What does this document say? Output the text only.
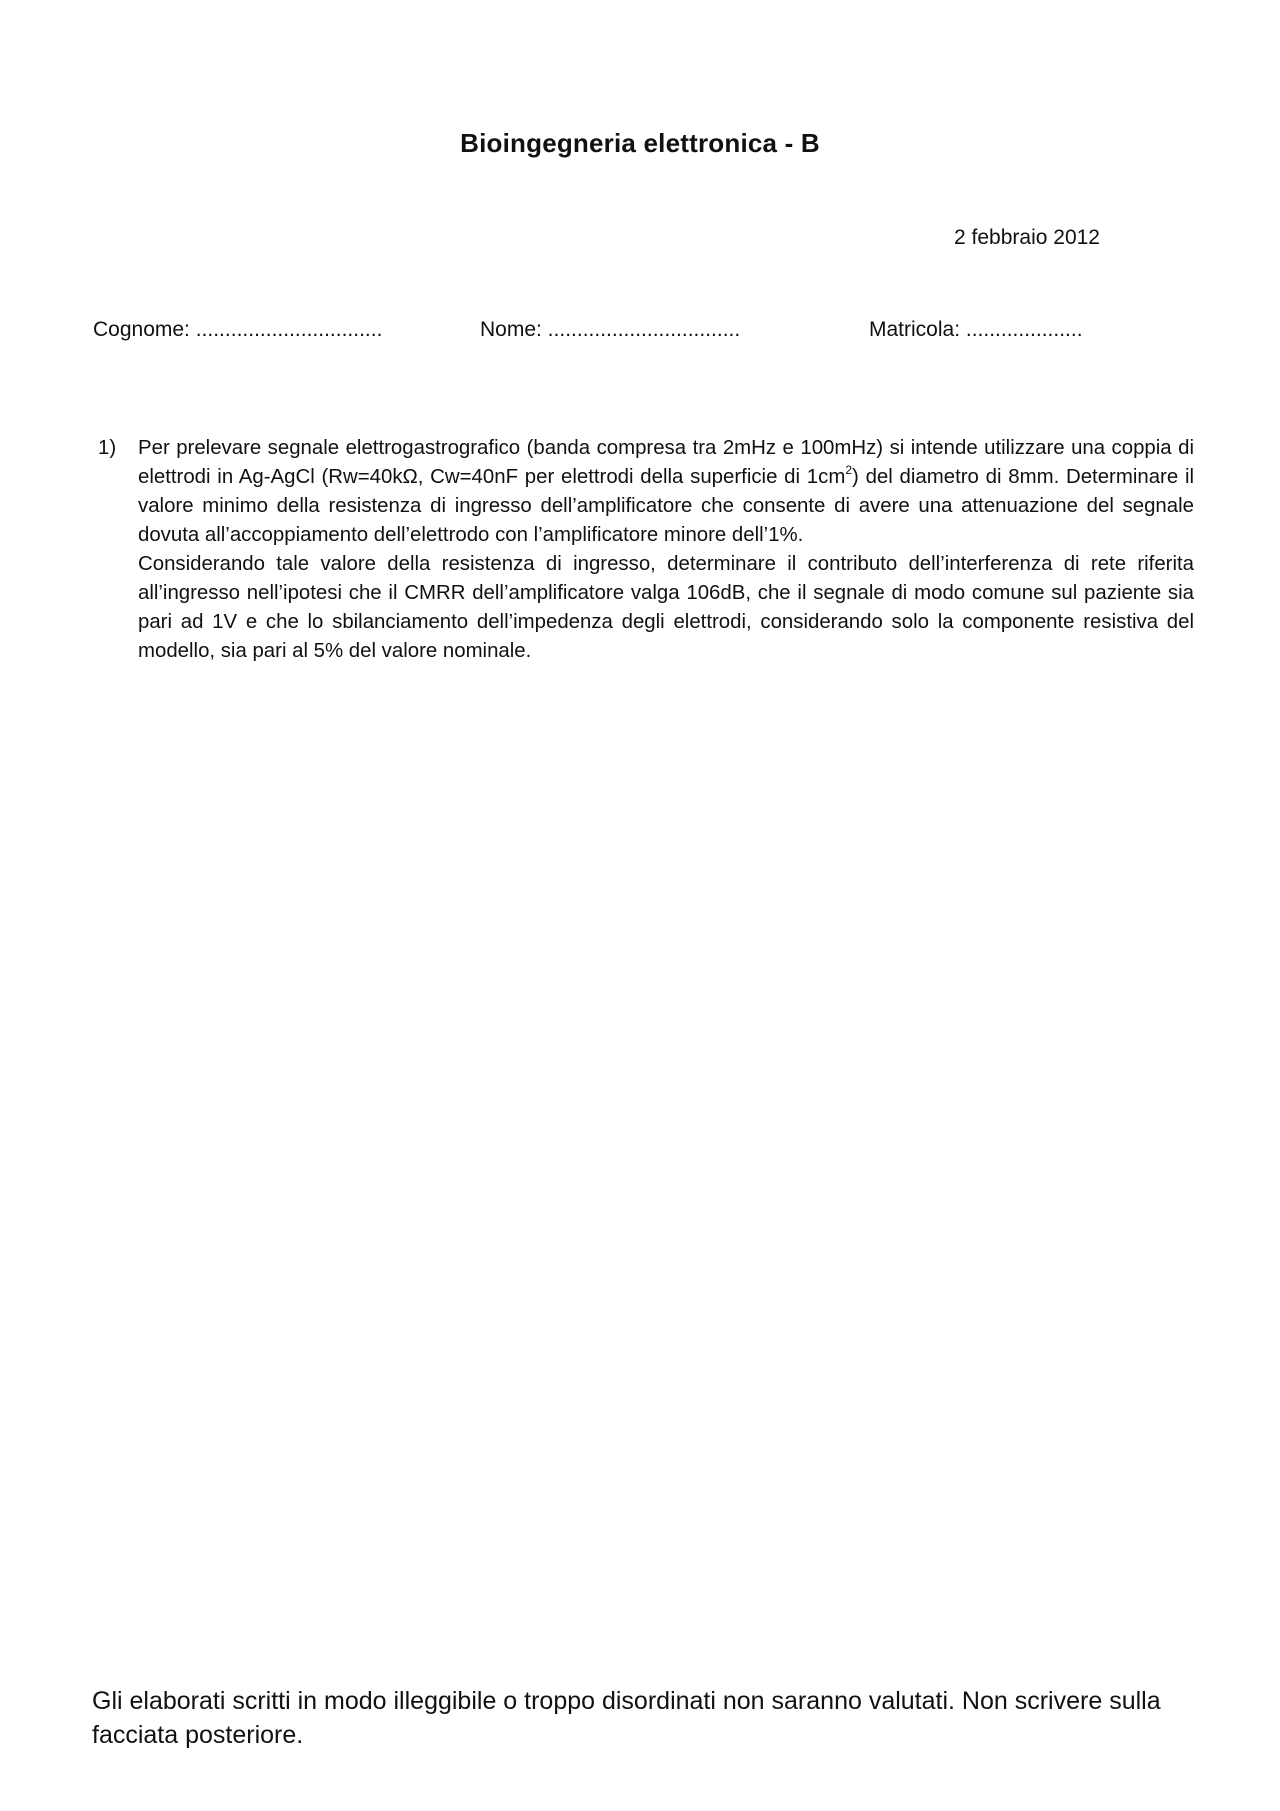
Bioingegneria elettronica - B
2 febbraio 2012
Cognome: ................................	Nome: .................................	Matricola: ....................
1)	Per prelevare segnale elettrogastrografico (banda compresa tra 2mHz e 100mHz) si intende utilizzare una coppia di elettrodi in Ag-AgCl (Rw=40kΩ, Cw=40nF per elettrodi della superficie di $1cm^2$) del diametro di 8mm. Determinare il valore minimo della resistenza di ingresso dell’amplificatore che consente di avere una attenuazione del segnale dovuta all’accoppiamento dell’elettrodo con l’amplificatore minore dell’1%.

Considerando tale valore della resistenza di ingresso, determinare il contributo dell’interferenza di rete riferita all’ingresso nell’ipotesi che il CMRR dell’amplificatore valga 106dB, che il segnale di modo comune sul paziente sia pari ad 1V e che lo sbilanciamento dell’impedenza degli elettrodi, considerando solo la componente resistiva del modello, sia pari al 5% del valore nominale.

Gli elaborati scritti in modo illeggibile o troppo disordinati non saranno valutati. Non scrivere sulla facciata posteriore.
